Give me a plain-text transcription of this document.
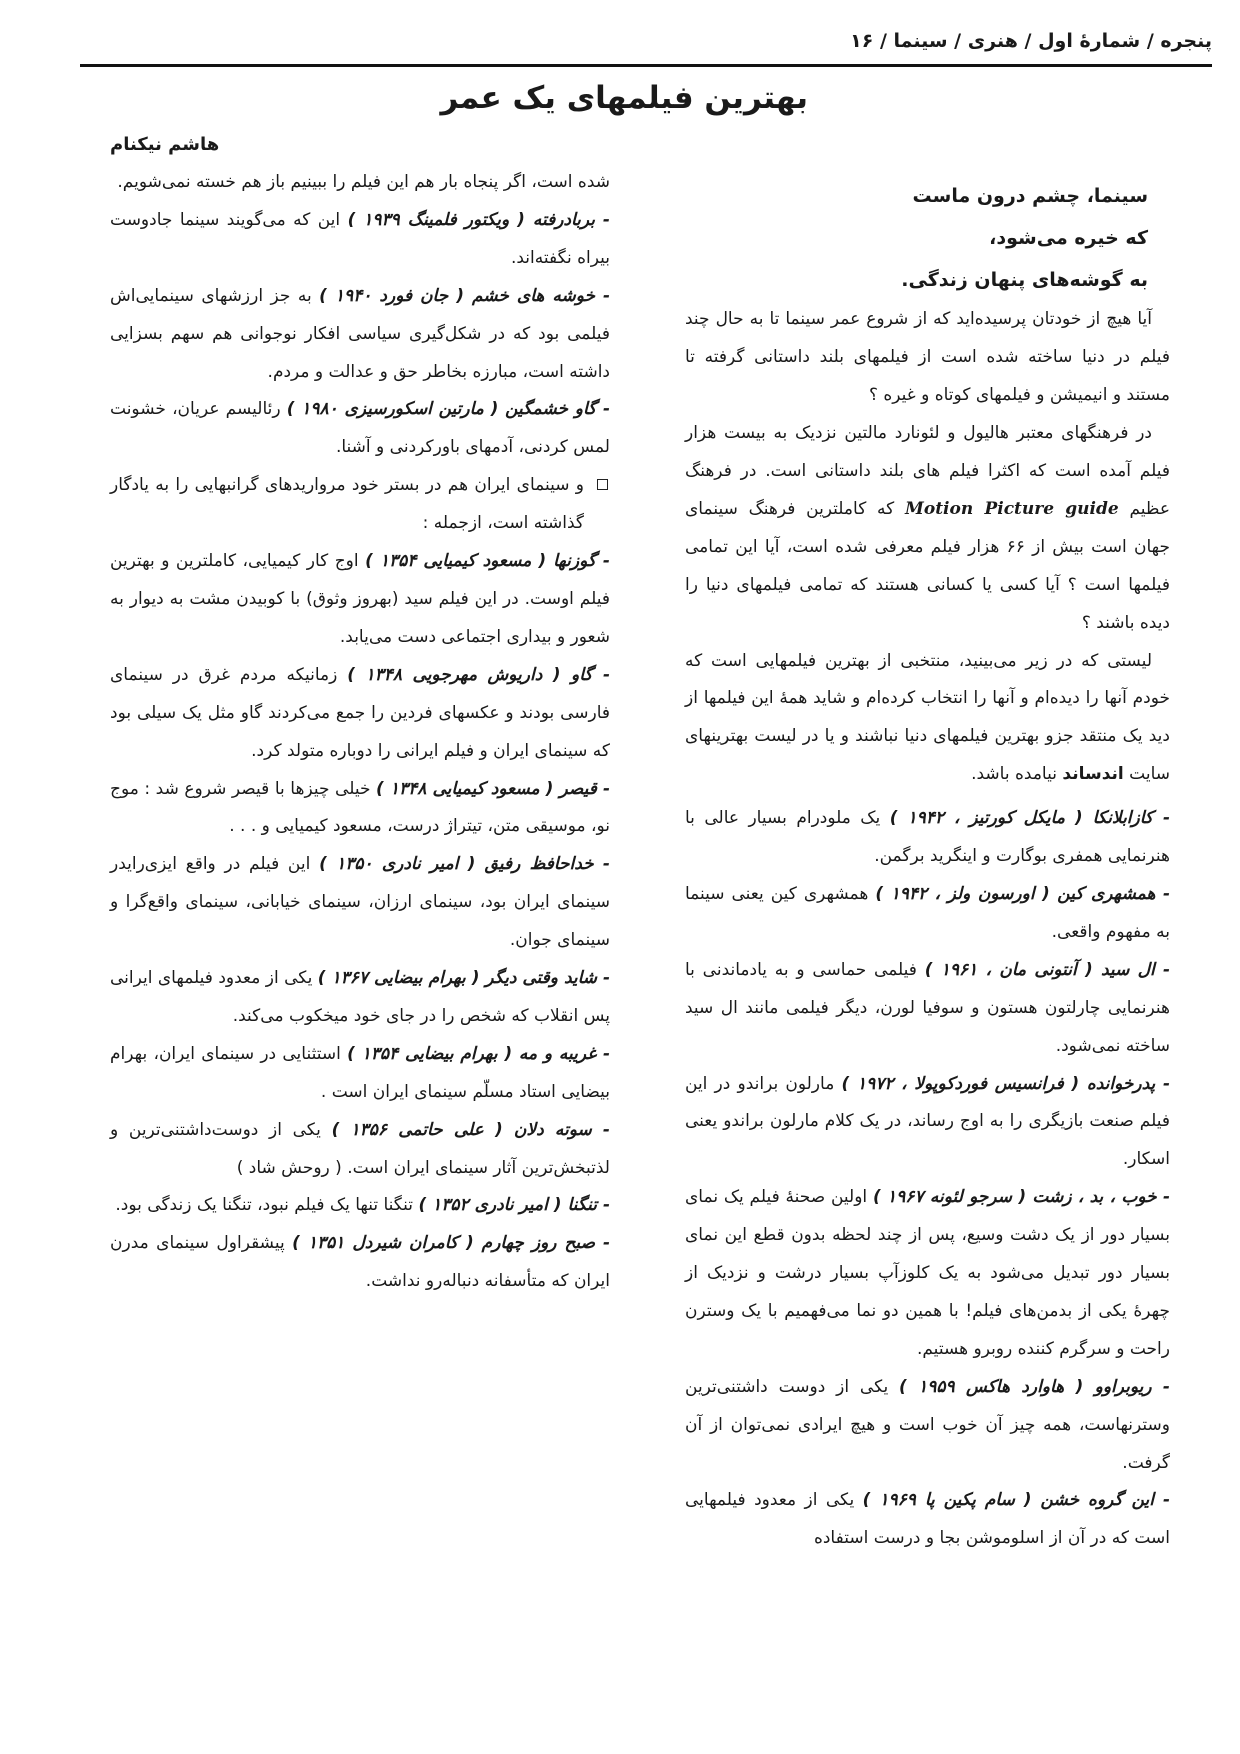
پنجره / شمارهٔ اول / هنری / سینما / ۱۶
بهترین فیلمهای یک عمر
هاشم نیکنام

سینما، چشم درون ماست

که خیره می‌شود،

به گوشه‌های پنهان زندگی.

آیا هیچ از خودتان پرسیده‌اید که از شروع عمر سینما تا به حال چند فیلم در دنیا ساخته شده است از فیلمهای بلند داستانی گرفته تا مستند و انیمیشن و فیلمهای کوتاه و غیره ؟

در فرهنگهای معتبر هالیول و لئونارد مالتین نزدیک به بیست هزار فیلم آمده است که اکثرا فیلم های بلند داستانی است. در فرهنگ عظیم Motion Picture guide که کاملترین فرهنگ سینمای جهان است بیش از ۶۶ هزار فیلم معرفی شده است، آیا این تمامی فیلمها است ؟ آیا کسی یا کسانی هستند که تمامی فیلمهای دنیا را دیده باشند ؟

لیستی که در زیر می‌بینید، منتخبی از بهترین فیلمهایی است که خودم آنها را دیده‌ام و آنها را انتخاب کرده‌ام و شاید همهٔ این فیلمها از دید یک منتقد جزو بهترین فیلمهای دنیا نباشند و یا در لیست بهترینهای سایت اندساند نیامده باشد.

- کازابلانکا ( مایکل کورتیز ، ۱۹۴۲ ) یک ملودرام بسیار عالی با هنرنمایی همفری بوگارت و اینگرید برگمن.

- همشهری کین ( اورسون ولز ، ۱۹۴۲ ) همشهری کین یعنی سینما به مفهوم واقعی.

- ال سید ( آنتونی مان ، ۱۹۶۱ ) فیلمی حماسی و به یادماندنی با هنرنمایی چارلتون هستون و سوفیا لورن، دیگر فیلمی مانند ال سید ساخته نمی‌شود.

- پدرخوانده ( فرانسیس فوردکوپولا ، ۱۹۷۲ ) مارلون براندو در این فیلم صنعت بازیگری را به اوج رساند، در یک کلام مارلون براندو یعنی اسکار.

- خوب ، بد ، زشت ( سرجو لئونه ۱۹۶۷ ) اولین صحنهٔ فیلم یک نمای بسیار دور از یک دشت وسیع، پس از چند لحظه بدون قطع این نمای بسیار دور تبدیل می‌شود به یک کلوزآپ بسیار درشت و نزدیک از چهرهٔ یکی از بدمن‌های فیلم! با همین دو نما می‌فهمیم با یک وسترن راحت و سرگرم کننده روبرو هستیم.

- ریوبراوو ( هاوارد هاکس ۱۹۵۹ ) یکی از دوست داشتنی‌ترین وسترنهاست، همه چیز آن خوب است و هیچ ایرادی نمی‌توان از آن گرفت.

- این گروه خشن ( سام پکین پا ۱۹۶۹ ) یکی از معدود فیلمهایی است که در آن از اسلوموشن بجا و درست استفاده

شده است، اگر پنجاه بار هم این فیلم را ببینیم باز هم خسته نمی‌شویم.

- بربادرفته ( ویکتور فلمینگ ۱۹۳۹ ) این که می‌گویند سینما جادوست بیراه نگفته‌اند.

- خوشه های خشم ( جان فورد ۱۹۴۰ ) به جز ارزشهای سینمایی‌اش فیلمی بود که در شکل‌گیری سیاسی افکار نوجوانی هم سهم بسزایی داشته است، مبارزه بخاطر حق و عدالت و مردم.

- گاو خشمگین ( مارتین اسکورسیزی ۱۹۸۰ ) رئالیسم عریان، خشونت لمس کردنی، آدمهای باورکردنی و آشنا.

و سینمای ایران هم در بستر خود مرواریدهای گرانبهایی را به یادگار گذاشته است، ازجمله :

- گوزنها ( مسعود کیمیایی ۱۳۵۴ ) اوج کار کیمیایی، کاملترین و بهترین فیلم اوست. در این فیلم سید (بهروز وثوق) با کوبیدن مشت به دیوار به شعور و بیداری اجتماعی دست می‌یابد.

- گاو ( داریوش مهرجویی ۱۳۴۸ ) زمانیکه مردم غرق در سینمای فارسی بودند و عکسهای فردین را جمع می‌کردند گاو مثل یک سیلی بود که سینمای ایران و فیلم ایرانی را دوباره متولد کرد.

- قیصر ( مسعود کیمیایی ۱۳۴۸ ) خیلی چیزها با قیصر شروع شد : موج نو، موسیقی متن، تیتراژ درست، مسعود کیمیایی و . . .

- خداحافظ رفیق ( امیر نادری ۱۳۵۰ ) این فیلم در واقع ایزی‌رایدر سینمای ایران بود، سینمای ارزان، سینمای خیابانی، سینمای واقع‌گرا و سینمای جوان.

- شاید وقتی دیگر ( بهرام بیضایی ۱۳۶۷ ) یکی از معدود فیلمهای ایرانی پس انقلاب که شخص را در جای خود میخکوب می‌کند.

- غریبه و مه ( بهرام بیضایی ۱۳۵۴ ) استثنایی در سینمای ایران، بهرام بیضایی استاد مسلّم سینمای ایران است .

- سوته دلان ( علی حاتمی ۱۳۵۶ ) یکی از دوست‌داشتنی‌ترین و لذتبخش‌ترین آثار سینمای ایران است. ( روحش شاد )

- تنگنا ( امیر نادری ۱۳۵۲ ) تنگنا تنها یک فیلم نبود، تنگنا یک زندگی بود.

- صبح روز چهارم ( کامران شیردل ۱۳۵۱ ) پیشقراول سینمای مدرن ایران که متأسفانه دنباله‌رو نداشت.
